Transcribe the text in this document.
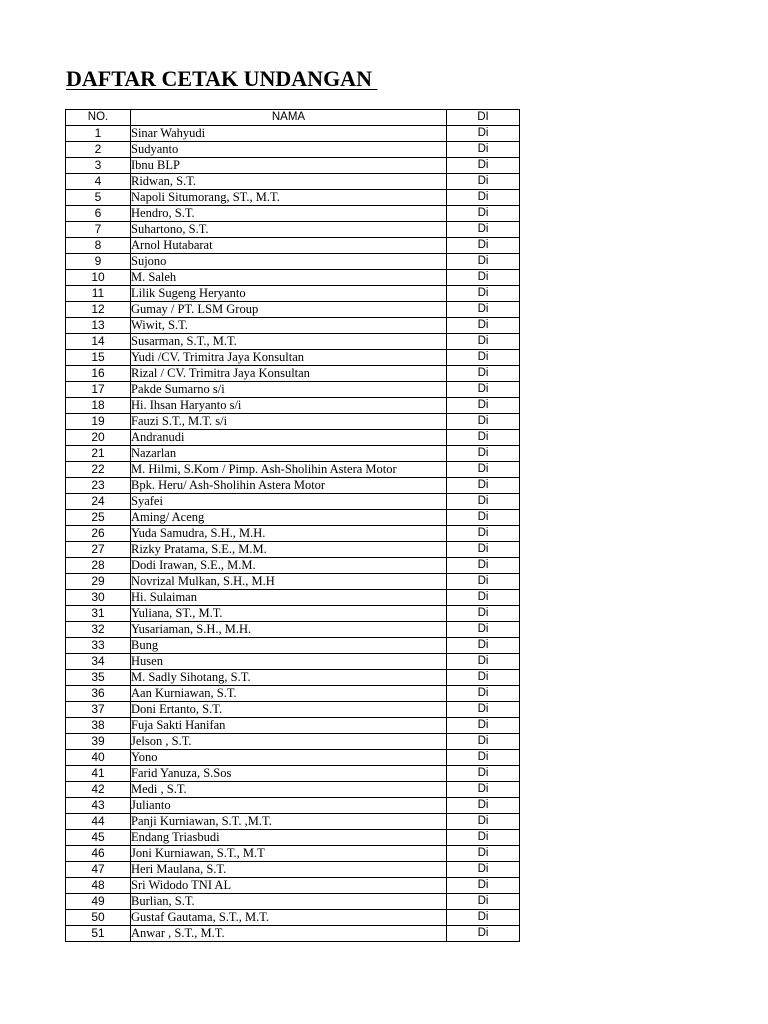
DAFTAR CETAK UNDANGAN
NO.	NAMA	DI
1	Sinar Wahyudi	Di
2	Sudyanto	Di
3	Ibnu BLP	Di
4	Ridwan, S.T.	Di
5	Napoli Situmorang, ST., M.T.	Di
6	Hendro, S.T.	Di
7	Suhartono, S.T.	Di
8	Arnol Hutabarat	Di
9	Sujono	Di
10	M. Saleh	Di
11	Lilik Sugeng Heryanto	Di
12	Gumay / PT. LSM Group	Di
13	Wiwit, S.T.	Di
14	Susarman, S.T., M.T.	Di
15	Yudi /CV. Trimitra Jaya Konsultan	Di
16	Rizal / CV. Trimitra Jaya Konsultan	Di
17	Pakde Sumarno s/i	Di
18	Hi. Ihsan Haryanto s/i	Di
19	Fauzi S.T., M.T. s/i	Di
20	Andranudi	Di
21	Nazarlan	Di
22	M. Hilmi, S.Kom / Pimp. Ash-Sholihin Astera Motor	Di
23	Bpk. Heru/ Ash-Sholihin Astera Motor	Di
24	Syafei	Di
25	Aming/ Aceng	Di
26	Yuda Samudra, S.H., M.H.	Di
27	Rizky Pratama, S.E., M.M.	Di
28	Dodi Irawan, S.E., M.M.	Di
29	Novrizal Mulkan, S.H., M.H	Di
30	Hi. Sulaiman	Di
31	Yuliana, ST., M.T.	Di
32	Yusariaman, S.H., M.H.	Di
33	Bung	Di
34	Husen	Di
35	M. Sadly Sihotang, S.T.	Di
36	Aan Kurniawan, S.T.	Di
37	Doni Ertanto, S.T.	Di
38	Fuja Sakti Hanifan	Di
39	Jelson , S.T.	Di
40	Yono	Di
41	Farid Yanuza, S.Sos	Di
42	Medi , S.T.	Di
43	Julianto	Di
44	Panji Kurniawan, S.T. ,M.T.	Di
45	Endang Triasbudi	Di
46	Joni Kurniawan, S.T., M.T	Di
47	Heri Maulana, S.T.	Di
48	Sri Widodo TNI AL	Di
49	Burlian, S.T.	Di
50	Gustaf Gautama, S.T., M.T.	Di
51	Anwar , S.T., M.T.	Di
